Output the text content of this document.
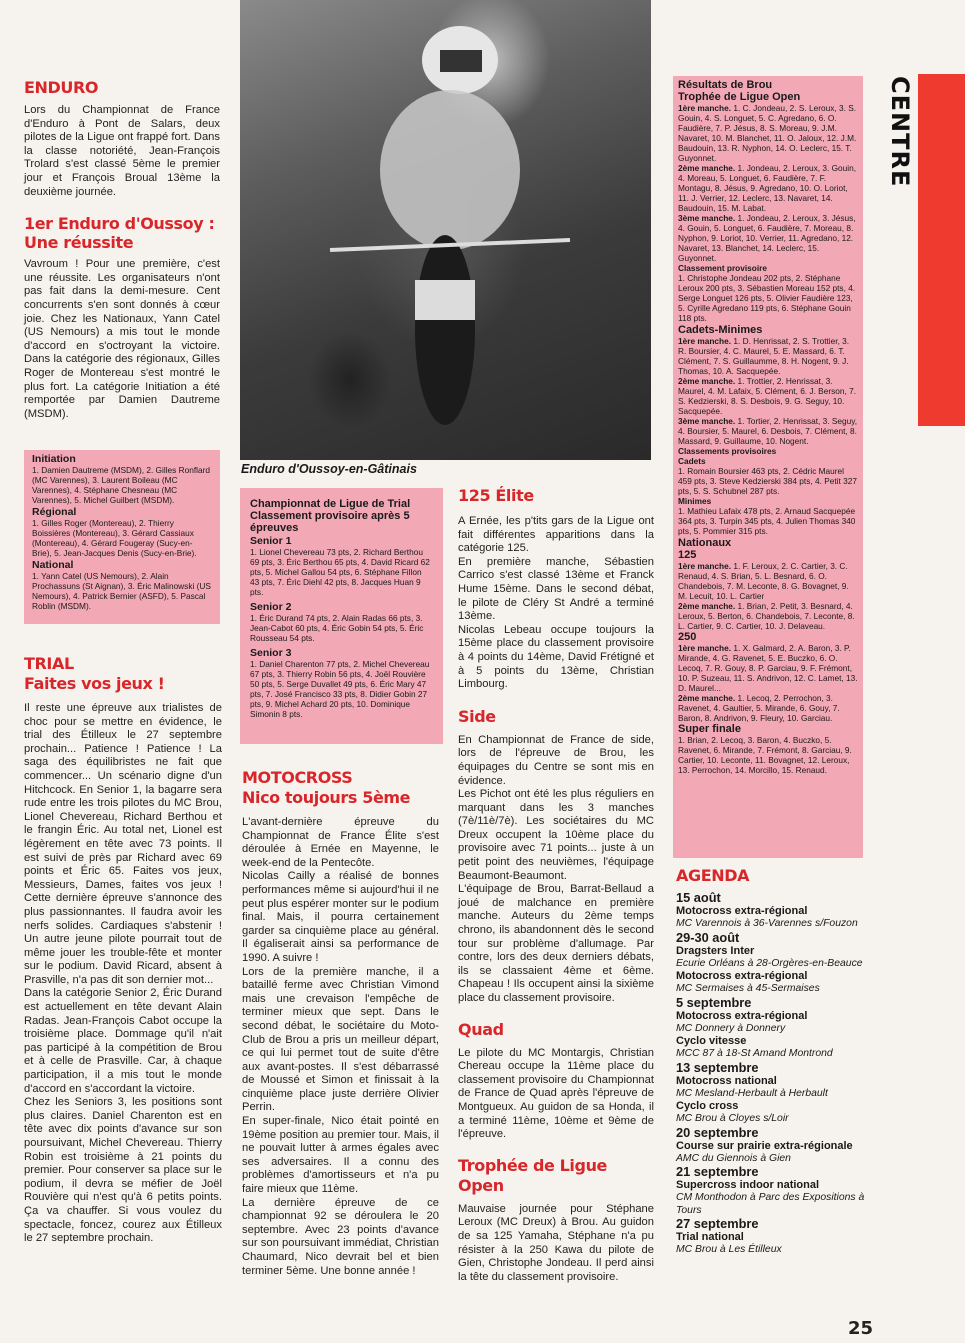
CENTRE
ENDURO

Lors du Championnat de France d'Enduro à Pont de Salars, deux pilotes de la Ligue ont frappé fort. Dans la classe notoriété, Jean-François Trolard s'est classé 5ème le premier jour et François Broual 13ème la deuxième journée.

1er Enduro d'Oussoy :
Une réussite

Vavroum ! Pour une première, c'est une réussite. Les organisateurs n'ont pas fait dans la demi-mesure. Cent concurrents s'en sont donnés à cœur joie. Chez les Nationaux, Yann Catel (US Nemours) a mis tout le monde d'accord en s'octroyant la victoire. Dans la catégorie des régionaux, Gilles Roger de Montereau s'est montré le plus fort. La catégorie Initiation a été remportée par Damien Dautreme (MSDM).

Initiation
1. Damien Dautreme (MSDM), 2. Gilles Ronflard (MC Varennes), 3. Laurent Boileau (MC Varennes), 4. Stéphane Chesneau (MC Varennes), 5. Michel Guilbert (MSDM).
Régional
1. Gilles Roger (Montereau), 2. Thierry Boissières (Montereau), 3. Gérard Cassiaux (Montereau), 4. Gérard Fougeray (Sucy-en-Brie), 5. Jean-Jacques Denis (Sucy-en-Brie).
National
1. Yann Catel (US Nemours), 2. Alain Prochassuns (St Aignan), 3. Éric Malinowski (US Nemours), 4. Patrick Bernier (ASFD), 5. Pascal Roblin (MSDM).
TRIAL
Faites vos jeux !

Il reste une épreuve aux trialistes de choc pour se mettre en évidence, le trial des Étilleux le 27 septembre prochain... Patience ! Patience ! La saga des équilibristes ne fait que commencer... Un scénario digne d'un Hitchcock. En Senior 1, la bagarre sera rude entre les trois pilotes du MC Brou, Lionel Chevereau, Richard Berthou et le frangin Éric. Au total net, Lionel est légèrement en tête avec 73 points. Il est suivi de près par Richard avec 69 points et Éric 65. Faites vos jeux, Messieurs, Dames, faites vos jeux ! Cette dernière épreuve s'annonce des plus passionnantes. Il faudra avoir les nerfs solides. Cardiaques s'abstenir ! Un autre jeune pilote pourrait tout de même jouer les trouble-fête et monter sur le podium. David Ricard, absent à Prasville, n'a pas dit son dernier mot...

Dans la catégorie Senior 2, Éric Durand est actuellement en tête devant Alain Radas. Jean-François Cabot occupe la troisième place. Dommage qu'il n'ait pas participé à la compétition de Brou et à celle de Prasville. Car, à chaque participation, il a mis tout le monde d'accord en s'accordant la victoire.

Chez les Seniors 3, les positions sont plus claires. Daniel Charenton est en tête avec dix points d'avance sur son poursuivant, Michel Chevereau. Thierry Robin est troisième à 21 points du premier. Pour conserver sa place sur le podium, il devra se méfier de Joël Rouvière qui n'est qu'à 6 petits points. Ça va chauffer. Si vous voulez du spectacle, foncez, courez aux Étilleux le 27 septembre prochain.

Enduro d'Oussoy-en-Gâtinais
Championnat de Ligue de Trial
Classement provisoire après 5 épreuves
Senior 1
1. Lionel Chevereau 73 pts, 2. Richard Berthou 69 pts, 3. Éric Berthou 65 pts, 4. David Ricard 62 pts, 5. Michel Gallou 54 pts, 6. Stéphane Fillon 43 pts, 7. Éric Diehl 42 pts, 8. Jacques Huan 9 pts.
Senior 2
1. Éric Durand 74 pts, 2. Alain Radas 66 pts, 3. Jean-Cabot 60 pts, 4. Éric Gobin 54 pts, 5. Éric Rousseau 54 pts.
Senior 3
1. Daniel Charenton 77 pts, 2. Michel Chevereau 67 pts, 3. Thierry Robin 56 pts, 4. Joël Rouvière 50 pts, 5. Serge Duvallet 49 pts, 6. Éric Mary 47 pts, 7. José Francisco 33 pts, 8. Didier Gobin 27 pts, 9. Michel Achard 20 pts, 10. Dominique Simonin 8 pts.
MOTOCROSS
Nico toujours 5ème

L'avant-dernière épreuve du Championnat de France Élite s'est déroulée à Ernée en Mayenne, le week-end de la Pentecôte.

Nicolas Cailly a réalisé de bonnes performances même si aujourd'hui il ne peut plus espérer monter sur le podium final. Mais, il pourra certainement garder sa cinquième place au général. Il égaliserait ainsi sa performance de 1990. A suivre !

Lors de la première manche, il a bataillé ferme avec Christian Vimond mais une crevaison l'empêche de terminer mieux que sept. Dans le second débat, le sociétaire du Moto-Club de Brou a pris un meilleur départ, ce qui lui permet tout de suite d'être aux avant-postes. Il s'est débarrassé de Moussé et Simon et finissait à la cinquième place juste derrière Olivier Perrin.

En super-finale, Nico était pointé en 19ème position au premier tour. Mais, il ne pouvait lutter à armes égales avec ses adversaires. Il a connu des problèmes d'amortisseurs et n'a pu faire mieux que 11ème.

La dernière épreuve de ce championnat 92 se déroulera le 20 septembre. Avec 23 points d'avance sur son poursuivant immédiat, Christian Chaumard, Nico devrait bel et bien terminer 5ème. Une bonne année !

125 Élite

A Ernée, les p'tits gars de la Ligue ont fait différentes apparitions dans la catégorie 125.

En première manche, Sébastien Carrico s'est classé 13ème et Franck Hume 15ème. Dans le second débat, le pilote de Cléry St André a terminé 13ème.

Nicolas Lebeau occupe toujours la 15ème place du classement provisoire à 4 points du 14ème, David Frétigné et à 5 points du 13ème, Christian Limbourg.

Side

En Championnat de France de side, lors de l'épreuve de Brou, les équipages du Centre se sont mis en évidence.

Les Pichot ont été les plus réguliers en marquant dans les 3 manches (7è/11è/7è). Les sociétaires du MC Dreux occupent la 10ème place du provisoire avec 71 points... juste à un petit point des neuvièmes, l'équipage Beaumont-Beaumont.

L'équipage de Brou, Barrat-Bellaud a joué de malchance en première manche. Auteurs du 2ème temps chrono, ils abandonnent dès le second tour sur problème d'allumage. Par contre, lors des deux derniers débats, ils se classaient 4ème et 6ème. Chapeau ! Ils occupent ainsi la sixième place du classement provisoire.

Quad

Le pilote du MC Montargis, Christian Chereau occupe la 11ème place du classement provisoire du Championnat de France de Quad après l'épreuve de Montgueux. Au guidon de sa Honda, il a terminé 11ème, 10ème et 9ème de l'épreuve.

Trophée de Ligue Open

Mauvaise journée pour Stéphane Leroux (MC Dreux) à Brou. Au guidon de sa 125 Yamaha, Stéphane n'a pu résister à la 250 Kawa du pilote de Gien, Christophe Jondeau. Il perd ainsi la tête du classement provisoire.

Résultats de Brou
Trophée de Ligue Open
1ère manche. 1. C. Jondeau, 2. S. Leroux, 3. S. Gouin, 4. S. Longuet, 5. C. Agredano, 6. O. Faudière, 7. P. Jésus, 8. S. Moreau, 9. J.M. Navaret, 10. M. Blanchet, 11. O. Jaloux, 12. J.M. Baudouin, 13. R. Nyphon, 14. O. Leclerc, 15. T. Guyonnet.
2ème manche. 1. Jondeau, 2. Leroux, 3. Gouin, 4. Moreau, 5. Longuet, 6. Faudière, 7. F. Montagu, 8. Jésus, 9. Agredano, 10. O. Loriot, 11. J. Verrier, 12. Leclerc, 13. Navaret, 14. Baudouin, 15. M. Labat.
3ème manche. 1. Jondeau, 2. Leroux, 3. Jésus, 4. Gouin, 5. Longuet, 6. Faudière, 7. Moreau, 8. Nyphon, 9. Loriot, 10. Verrier, 11. Agredano, 12. Navaret, 13. Blanchet, 14. Leclerc, 15. Guyonnet.
Classement provisoire
1. Christophe Jondeau 202 pts, 2. Stéphane Leroux 200 pts, 3. Sébastien Moreau 152 pts, 4. Serge Longuet 126 pts, 5. Olivier Faudière 123, 5. Cyrille Agredano 119 pts, 6. Stéphane Gouin 118 pts.
Cadets-Minimes
1ère manche. 1. D. Henrissat, 2. S. Trottier, 3. R. Boursier, 4. C. Maurel, 5. E. Massard, 6. T. Clément, 7. S. Guillaumme, 8. H. Nogent, 9. J. Thomas, 10. A. Sacquepée.
2ème manche. 1. Trottier, 2. Henrissat, 3. Maurel, 4. M. Lafaix, 5. Clément, 6. J. Berson, 7. S. Kedzierski, 8. S. Desbois, 9. G. Seguy, 10. Sacquepée.
3ème manche. 1. Tortier, 2. Henrissat, 3. Seguy, 4. Boursier, 5. Maurel, 6. Desbois, 7. Clément, 8. Massard, 9. Guillaume, 10. Nogent.
Classements provisoires
Cadets
1. Romain Boursier 463 pts, 2. Cédric Maurel 459 pts, 3. Steve Kedzierski 384 pts, 4. Petit 327 pts, 5. S. Schubnel 287 pts.
Minimes
1. Mathieu Lafaix 478 pts, 2. Arnaud Sacquepée 364 pts, 3. Turpin 345 pts, 4. Julien Thomas 340 pts, 5. Pommier 315 pts.
Nationaux
125
1ère manche. 1. F. Leroux, 2. C. Cartier, 3. C. Renaud, 4. S. Brian, 5. L. Besnard, 6. O. Chandebois, 7. M. Leconte, 8. G. Bovagnet, 9. M. Lecuit, 10. L. Cartier
2ème manche. 1. Brian, 2. Petit, 3. Besnard, 4. Leroux, 5. Berton, 6. Chandebois, 7. Leconte, 8. L. Cartier, 9. C. Cartier, 10. J. Delaveau.
250
1ère manche. 1. X. Galmard, 2. A. Baron, 3. P. Mirande, 4. G. Ravenet, 5. E. Buczko, 6. O. Lecoq, 7. R. Gouy, 8. P. Garciau, 9. F. Frémont, 10. P. Suzeau, 11. S. Andrivon, 12. C. Lamet, 13. D. Maurel...
2ème manche. 1. Lecoq, 2. Perrochon, 3. Ravenet, 4. Gaultier, 5. Mirande, 6. Gouy, 7. Baron, 8. Andrivon, 9. Fleury, 10. Garciau.
Super finale
1. Brian, 2. Lecoq, 3. Baron, 4. Buczko, 5. Ravenet, 6. Mirande, 7. Frémont, 8. Garciau, 9. Cartier, 10. Leconte, 11. Bovagnet, 12. Leroux, 13. Perrochon, 14. Morcillo, 15. Renaud.
AGENDA
15 août
Motocross extra-régional
MC Varennois à 36-Varennes s/Fouzon
29-30 août
Dragsters Inter
Ecurie Orléans à 28-Orgères-en-Beauce
Motocross extra-régional
MC Sermaises à 45-Sermaises
5 septembre
Motocross extra-régional
MC Donnery à Donnery
Cyclo vitesse
MCC 87 à 18-St Amand Montrond
13 septembre
Motocross national
MC Mesland-Herbault à Herbault
Cyclo cross
MC Brou à Cloyes s/Loir
20 septembre
Course sur prairie extra-régionale
AMC du Giennois à Gien
21 septembre
Supercross indoor national
CM Monthodon à Parc des Expositions à Tours
27 septembre
Trial national
MC Brou à Les Étilleux
25
